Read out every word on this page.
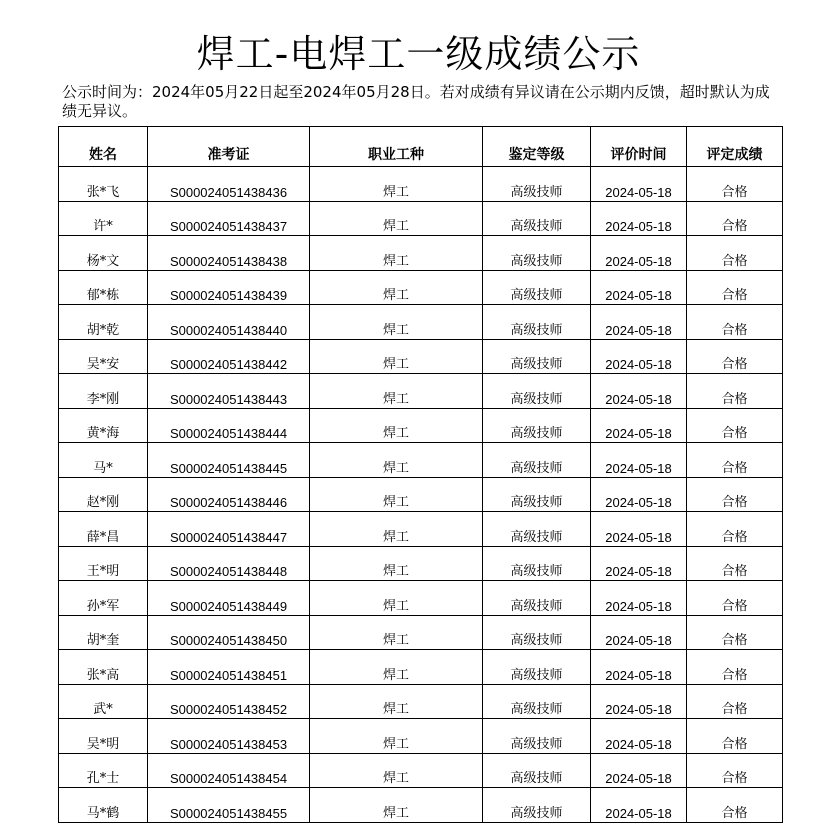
焊工-电焊工一级成绩公示
公示时间为：2024年05月22日起至2024年05月28日。若对成绩有异议请在公示期内反馈，超时默认为成绩无异议。
姓名	准考证	职业工种	鉴定等级	评价时间	评定成绩
张*飞	S000024051438436	焊工	高级技师	2024-05-18	合格
许*	S000024051438437	焊工	高级技师	2024-05-18	合格
杨*文	S000024051438438	焊工	高级技师	2024-05-18	合格
郁*栋	S000024051438439	焊工	高级技师	2024-05-18	合格
胡*乾	S000024051438440	焊工	高级技师	2024-05-18	合格
吴*安	S000024051438442	焊工	高级技师	2024-05-18	合格
李*刚	S000024051438443	焊工	高级技师	2024-05-18	合格
黄*海	S000024051438444	焊工	高级技师	2024-05-18	合格
马*	S000024051438445	焊工	高级技师	2024-05-18	合格
赵*刚	S000024051438446	焊工	高级技师	2024-05-18	合格
薛*昌	S000024051438447	焊工	高级技师	2024-05-18	合格
王*明	S000024051438448	焊工	高级技师	2024-05-18	合格
孙*军	S000024051438449	焊工	高级技师	2024-05-18	合格
胡*奎	S000024051438450	焊工	高级技师	2024-05-18	合格
张*高	S000024051438451	焊工	高级技师	2024-05-18	合格
武*	S000024051438452	焊工	高级技师	2024-05-18	合格
吴*明	S000024051438453	焊工	高级技师	2024-05-18	合格
孔*士	S000024051438454	焊工	高级技师	2024-05-18	合格
马*鹤	S000024051438455	焊工	高级技师	2024-05-18	合格
